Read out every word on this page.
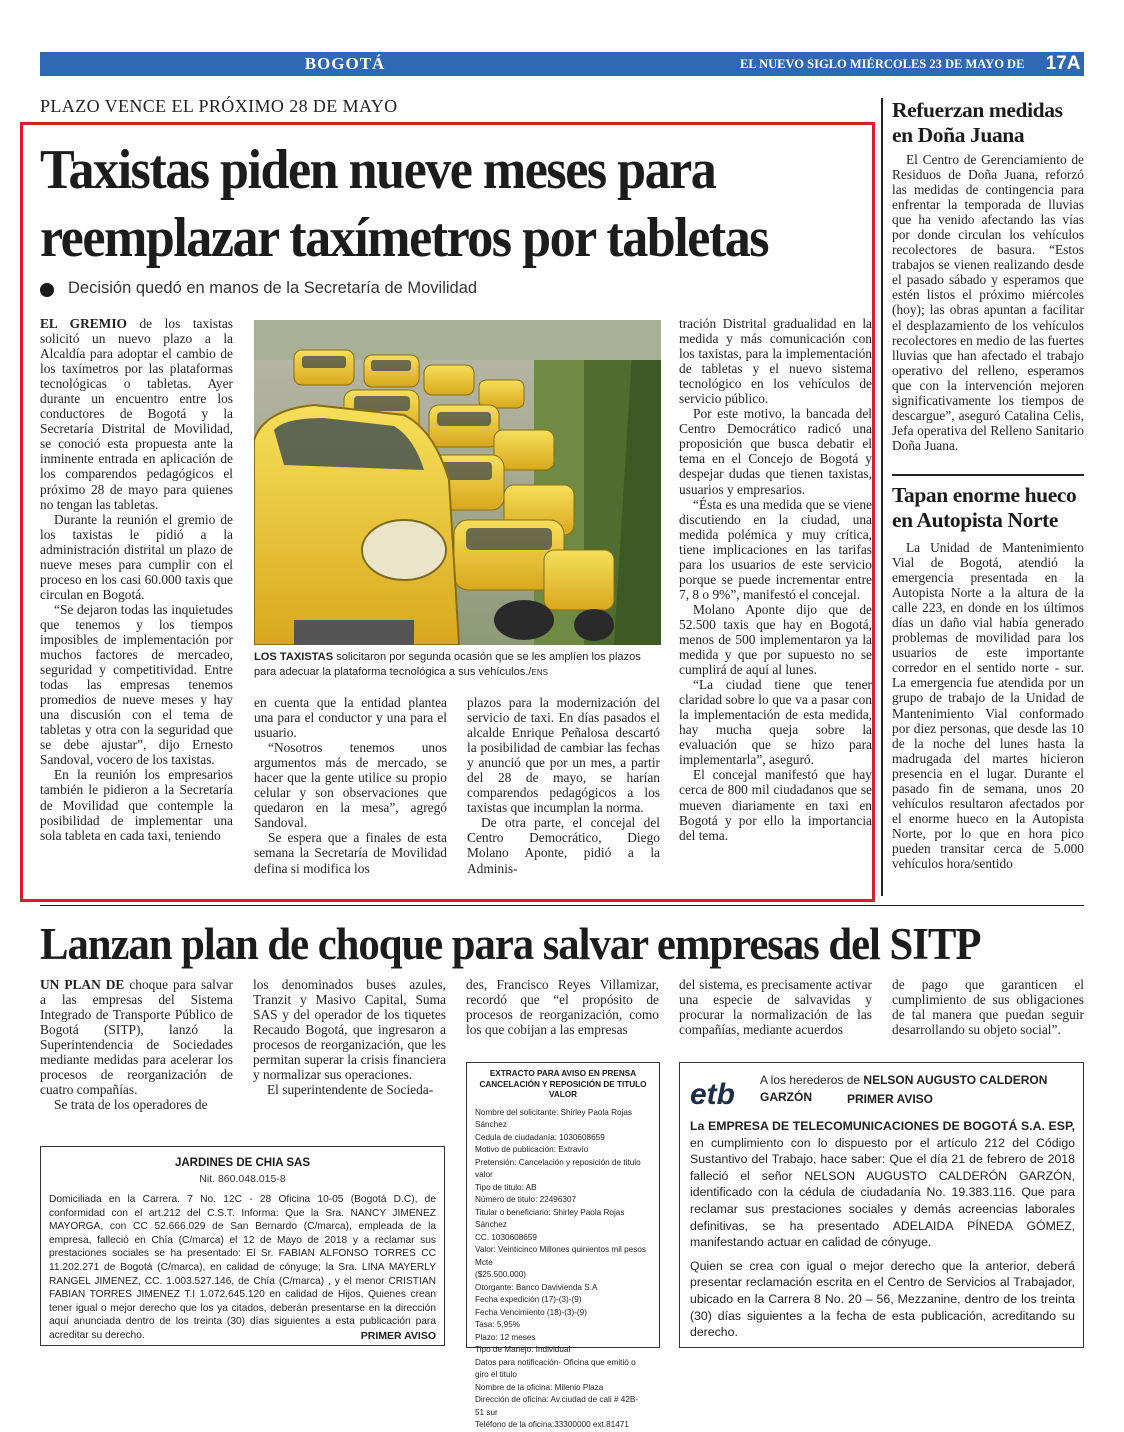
BOGOTÁ	EL NUEVO SIGLO MIÉRCOLES 23 DE MAYO DE 2018
17A
PLAZO VENCE EL PRÓXIMO 28 DE MAYO
Taxistas piden nueve meses para reemplazar taxímetros por tabletas
Decisión quedó en manos de la Secretaría de Movilidad

EL GREMIO de los taxistas solicitó un nuevo plazo a la Alcaldía para adoptar el cambio de los taxímetros por las plataformas tecnológicas o tabletas. Ayer durante un encuentro entre los conductores de Bogotá y la Secretaría Distrital de Movilidad, se conoció esta propuesta ante la inminente entrada en aplicación de los comparendos pedagógicos el próximo 28 de mayo para quienes no tengan las tabletas.

Durante la reunión el gremio de los taxistas le pidió a la administración distrital un plazo de nueve meses para cumplir con el proceso en los casi 60.000 taxis que circulan en Bogotá.

“Se dejaron todas las inquietudes que tenemos y los tiempos imposibles de implementación por muchos factores de mercadeo, seguridad y competitividad. Entre todas las empresas tenemos promedios de nueve meses y hay una discusión con el tema de tabletas y otra con la seguridad que se debe ajustar”, dijo Ernesto Sandoval, vocero de los taxistas.

En la reunión los empresarios también le pidieron a la Secretaría de Movilidad que contemple la posibilidad de implementar una sola tableta en cada taxi, teniendo

LOS TAXISTAS solicitaron por segunda ocasión que se les amplíen los plazos para adecuar la plataforma tecnológica a sus vehículos./ENS

en cuenta que la entidad plantea una para el conductor y una para el usuario.

“Nosotros tenemos unos argumentos más de mercado, se hacer que la gente utilice su propio celular y son observaciones que quedaron en la mesa”, agregó Sandoval.

Se espera que a finales de esta semana la Secretaría de Movilidad defina si modifica los

plazos para la modernización del servicio de taxi. En días pasados el alcalde Enrique Peñalosa descartó la posibilidad de cambiar las fechas y anunció que por un mes, a partir del 28 de mayo, se harían comparendos pedagógicos a los taxistas que incumplan la norma.

De otra parte, el concejal del Centro Democrático, Diego Molano Aponte, pidió a la Adminis-

tración Distrital gradualidad en la medida y más comunicación con los taxistas, para la implementación de tabletas y el nuevo sistema tecnológico en los vehículos de servicio público.

Por este motivo, la bancada del Centro Democrático radicó una proposición que busca debatir el tema en el Concejo de Bogotá y despejar dudas que tienen taxistas, usuarios y empresarios.

“Ésta es una medida que se viene discutiendo en la ciudad, una medida polémica y muy crítica, tiene implicaciones en las tarifas para los usuarios de este servicio porque se puede incrementar entre 7, 8 o 9%”, manifestó el concejal.

Molano Aponte dijo que de 52.500 taxis que hay en Bogotá, menos de 500 implementaron ya la medida y que por supuesto no se cumplirá de aquí al lunes.

“La ciudad tiene que tener claridad sobre lo que va a pasar con la implementación de esta medida, hay mucha queja sobre la evaluación que se hizo para implementarla”, aseguró.

El concejal manifestó que hay cerca de 800 mil ciudadanos que se mueven diariamente en taxi en Bogotá y por ello la importancia del tema.

Refuerzan medidas en Doña Juana

El Centro de Gerenciamiento de Residuos de Doña Juana, reforzó las medidas de contingencia para enfrentar la temporada de lluvias que ha venido afectando las vías por donde circulan los vehículos recolectores de basura. “Estos trabajos se vienen realizando desde el pasado sábado y esperamos que estén listos el próximo miércoles (hoy); las obras apuntan a facilitar el desplazamiento de los vehículos recolectores en medio de las fuertes lluvias que han afectado el trabajo operativo del relleno, esperamos que con la intervención mejoren significativamente los tiempos de descargue”, aseguró Catalina Celis, Jefa operativa del Relleno Sanitario Doña Juana.

Tapan enorme hueco en Autopista Norte

La Unidad de Mantenimiento Vial de Bogotá, atendió la emergencia presentada en la Autopista Norte a la altura de la calle 223, en donde en los últimos días un daño vial había generado problemas de movilidad para los usuarios de este importante corredor en el sentido norte - sur. La emergencia fue atendida por un grupo de trabajo de la Unidad de Mantenimiento Vial conformado por diez personas, que desde las 10 de la noche del lunes hasta la madrugada del martes hicieron presencia en el lugar. Durante el pasado fin de semana, unos 20 vehículos resultaron afectados por el enorme hueco en la Autopista Norte, por lo que en hora pico pueden transitar cerca de 5.000 vehículos hora/sentido

Lanzan plan de choque para salvar empresas del SITP

UN PLAN DE choque para salvar a las empresas del Sistema Integrado de Transporte Público de Bogotá (SITP), lanzó la Superintendencia de Sociedades mediante medidas para acelerar los procesos de reorganización de cuatro compañías.

Se trata de los operadores de

los denominados buses azules, Tranzit y Masivo Capital, Suma SAS y del operador de los tiquetes Recaudo Bogotá, que ingresaron a procesos de reorganización, que les permitan superar la crisis financiera y normalizar sus operaciones.

El superintendente de Socieda-

des, Francisco Reyes Villamizar, recordó que “el propósito de procesos de reorganización, como los que cobijan a las empresas

del sistema, es precisamente activar una especie de salvavidas y procurar la normalización de las compañías, mediante acuerdos

de pago que garanticen el cumplimiento de sus obligaciones de tal manera que puedan seguir desarrollando su objeto social”.

JARDINES DE CHIA SAS
Nit. 860.048.015-8
Domiciliada en la Carrera. 7 No. 12C - 28 Oficina 10-05 (Bogotá D.C), de conformidad con el art.212 del C.S.T. Informa: Que la Sra. NANCY JIMENEZ MAYORGA, con CC 52.666.029 de San Bernardo (C/marca), empleada de la empresa, falleció en Chía (C/marca) el 12 de Mayo de 2018 y a reclamar sus prestaciones sociales se ha presentado: El Sr. FABIAN ALFONSO TORRES CC 11.202.271 de Bogotá (C/marca), en calidad de cónyuge; la Sra. LINA MAYERLY RANGEL JIMENEZ, CC. 1.003.527.146, de Chía (C/marca) , y el menor CRISTIAN FABIAN TORRES JIMENEZ T.I 1.072.645.120 en calidad de Hijos, Quienes crean tener igual o mejor derecho que los ya citados, deberán presentarse en la dirección aquí anunciada dentro de los treinta (30) días siguientes a esta publicación para acreditar su derecho.	PRIMER AVISO
EXTRACTO PARA AVISO EN PRENSA CANCELACIÓN Y REPOSICIÓN DE TITULO VALOR
Nombre del solicitante: Shirley Paola Rojas Sánchez
Cedula de ciudadanía: 1030608659
Motivo de publicación: Extravío
Pretensión: Cancelación y reposición de titulo valor
Tipo de titulo: AB
Número de titulo: 22496307
Titular o beneficiario: Shirley Paola Rojas Sánchez
CC. 1030608659
Valor: Veinticinco Millones quinientos mil pesos Mcte
($25.500.000)
Otorgante: Banco Davivienda S.A
Fecha expedición (17)-(3)-(9)
Fecha Vencimiento (18)-(3)-(9)
Tasa: 5,95%
Plazo: 12 meses
Tipo de Manejo: Individual
Datos para notificación- Oficina que emitió o
giro el titulo
Nombre de la oficina: Milenio Plaza
Dirección de oficina: Av.ciudad de cali # 42B-
51 sur
Teléfono de la oficina:33300000 ext.81471
etb A los herederos de NELSON AUGUSTO CALDERON GARZÓN	PRIMER AVISO
La EMPRESA DE TELECOMUNICACIONES DE BOGOTÁ S.A. ESP, en cumplimiento con lo dispuesto por el artículo 212 del Código Sustantivo del Trabajo, hace saber: Que el día 21 de febrero de 2018 falleció el señor NELSON AUGUSTO CALDERÓN GARZÓN, identificado con la cédula de ciudadanía No. 19.383.116. Que para reclamar sus prestaciones sociales y demás acreencias laborales definitivas, se ha presentado ADELAIDA PÍNEDA GÓMEZ, manifestando actuar en calidad de cónyuge.
Quien se crea con igual o mejor derecho que la anterior, deberá presentar reclamación escrita en el Centro de Servicios al Trabajador, ubicado en la Carrera 8 No. 20 – 56, Mezzanine, dentro de los treinta (30) días siguientes a la fecha de esta publicación, acreditando su derecho.
